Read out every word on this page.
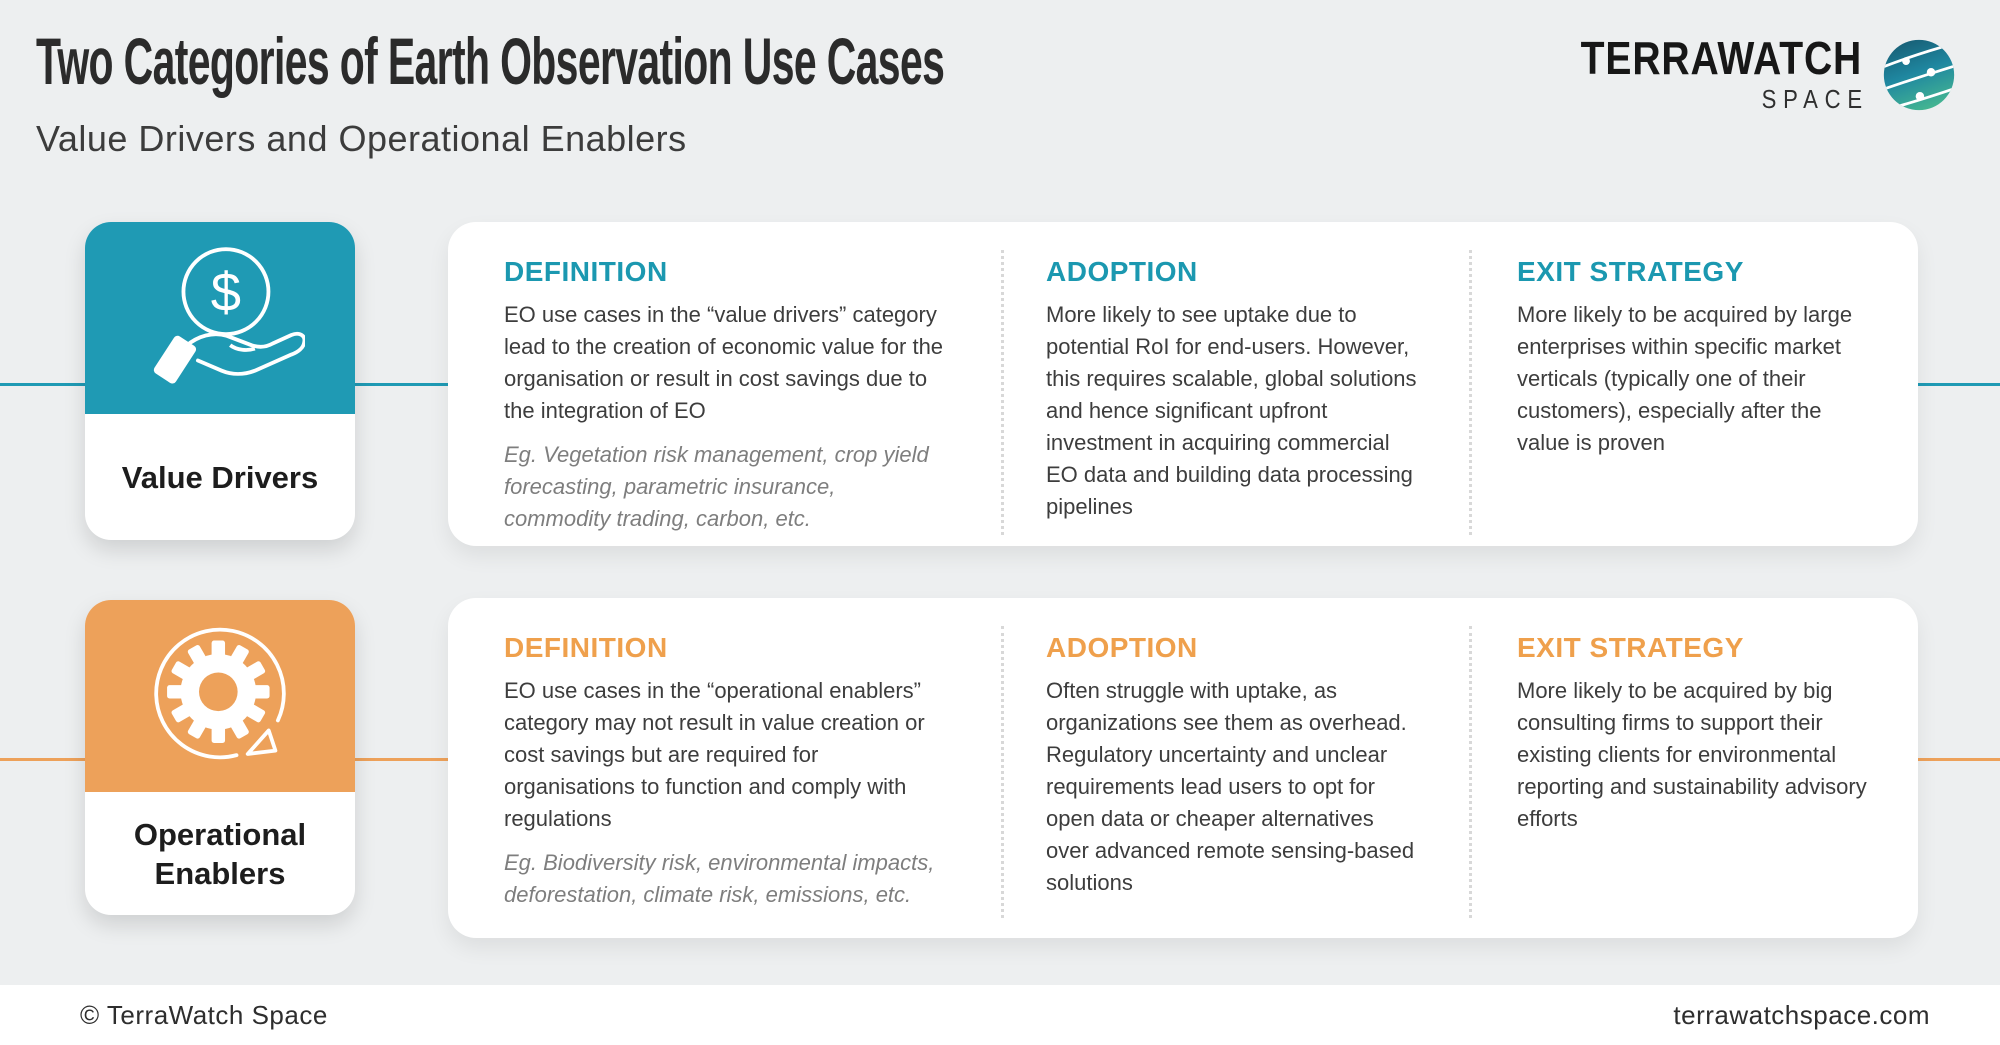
Two Categories of Earth Observation Use Cases
Value Drivers and Operational Enablers
TERRAWATCH
SPACE
$
Value Drivers
DEFINITION
EO use cases in the “value drivers” category lead to the creation of economic value for the organisation or result in cost savings due to the integration of EO
Eg. Vegetation risk management, crop yield forecasting, parametric insurance, commodity trading, carbon, etc.
ADOPTION
More likely to see uptake due to potential RoI for end-users. However, this requires scalable, global solutions and hence significant upfront investment in acquiring commercial EO data and building data processing pipelines
EXIT STRATEGY
More likely to be acquired by large enterprises within specific market verticals (typically one of their customers), especially after the value is proven
Operational Enablers
DEFINITION
EO use cases in the “operational enablers” category may not result in value creation or cost savings but are required for organisations to function and comply with regulations
Eg. Biodiversity risk, environmental impacts, deforestation, climate risk, emissions, etc.
ADOPTION
Often struggle with uptake, as organizations see them as overhead. Regulatory uncertainty and unclear requirements lead users to opt for open data or cheaper alternatives over advanced remote sensing-based solutions
EXIT STRATEGY
More likely to be acquired by big consulting firms to support their existing clients for environmental reporting and sustainability advisory efforts
© TerraWatch Space	terrawatchspace.com
